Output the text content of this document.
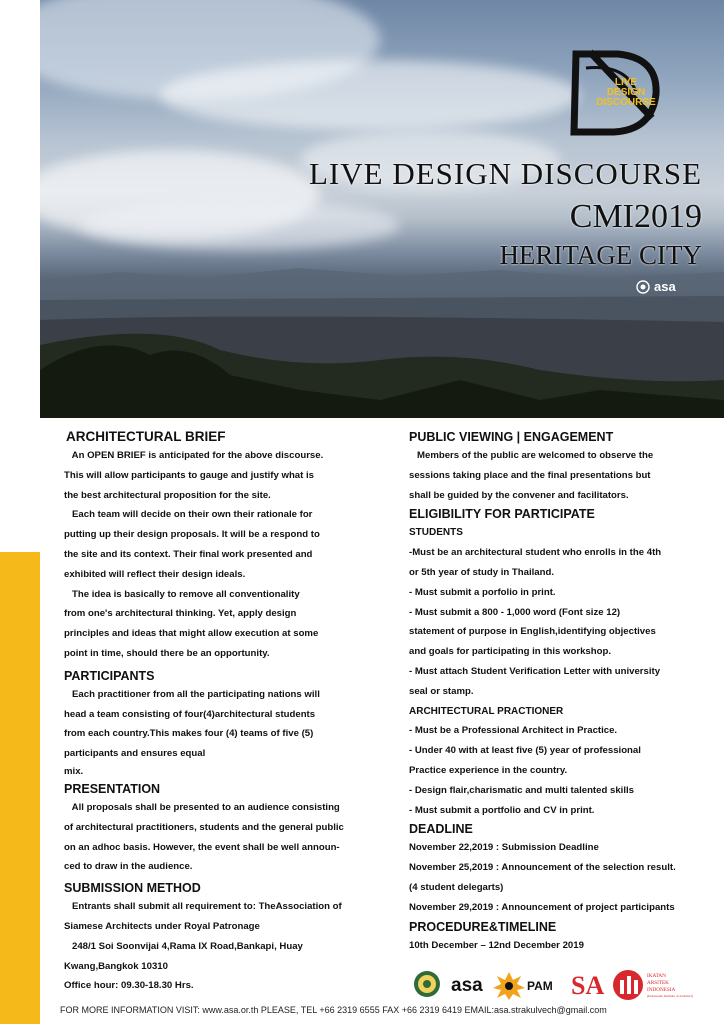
LIVE DESIGN DISCOURSE
LIVE DESIGN DISCOURSE
CMI2019
HERITAGE CITY
asa
ARCHITECTURAL BRIEF
An OPEN BRIEF is anticipated for the above discourse.
This will allow participants to gauge and justify what is
the best architectural proposition for the site.
Each team will decide on their own their rationale for
putting up their design proposals. It will be a respond to
the site and its context. Their final work presented and
exhibited will reflect their design ideals.
The idea is basically to remove all conventionality
from one's architectural thinking. Yet, apply design
principles and ideas that might allow execution at some
point in time, should there be an opportunity.
PARTICIPANTS
Each practitioner from all the participating nations will
head a team consisting of four(4)architectural students
from each country.This makes four (4) teams of five (5)
participants and ensures equal
mix.
PRESENTATION
All proposals shall be presented to an audience consisting
of architectural practitioners, students and the general public
on an adhoc basis. However, the event shall be well announ-
ced to draw in the audience.
SUBMISSION METHOD
Entrants shall submit all requirement to: TheAssociation of
Siamese Architects under Royal Patronage
248/1 Soi Soonvijai 4,Rama IX Road,Bankapi, Huay
Kwang,Bangkok 10310
Office hour: 09.30-18.30 Hrs.
PUBLIC VIEWING | ENGAGEMENT
Members of the public are welcomed to observe the
sessions taking place and the final presentations but
shall be guided by the convener and facilitators.
ELIGIBILITY FOR PARTICIPATE
STUDENTS
-Must be an architectural student who enrolls in the 4th
or 5th year of study in Thailand.
- Must submit a porfolio in print.
- Must submit a 800 - 1,000 word (Font size 12)
statement of purpose in English,identifying objectives
and goals for participating in this workshop.
- Must attach Student Verification Letter with university
seal or stamp.
ARCHITECTURAL PRACTIONER
- Must be a Professional Architect in Practice.
- Under 40 with at least five (5) year of professional
Practice experience in the country.
- Design flair,charismatic and multi talented skills
- Must submit a portfolio and CV in print.
DEADLINE
November 22,2019 : Submission Deadline
November 25,2019 : Announcement of the selection result.
(4 student delegarts)
November 29,2019 : Announcement of project participants
PROCEDURE&TIMELINE
10th December – 12nd December 2019
asa	PAM SA	IKATAN
ARSITEK
INDONESIA
(Indonesian Institute of Architect)
FOR MORE INFORMATION VISIT: www.asa.or.th PLEASE, TEL +66 2319 6555 FAX +66 2319 6419 EMAIL:asa.strakulvech@gmail.com
